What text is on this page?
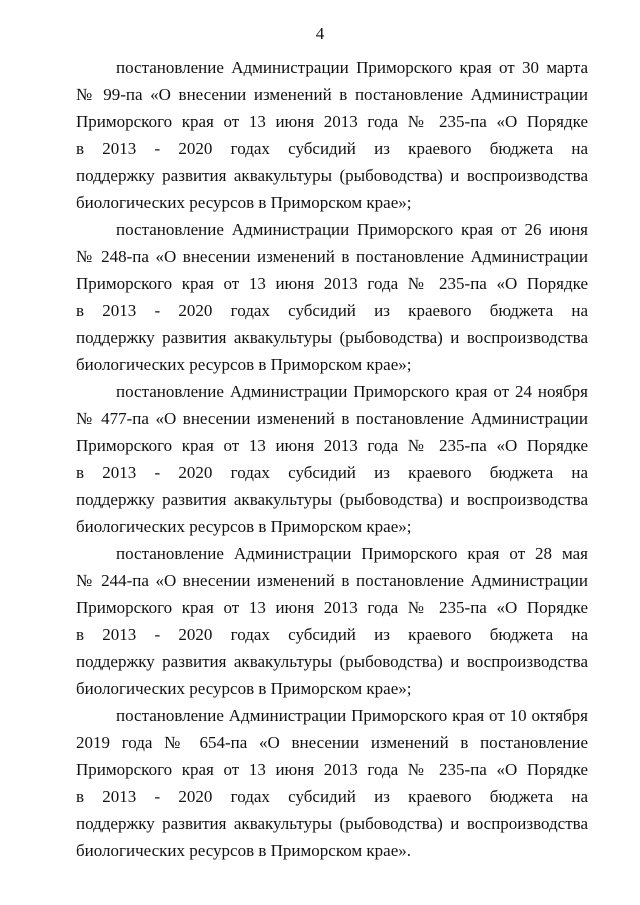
4

постановление Администрации Приморского края от 30 марта
№ 99-па «О внесении изменений в постановление Администрации
Приморского края от 13 июня 2013 года № 235-па «О Порядке
в 2013 - 2020 годах субсидий из краевого бюджета на
поддержку развития аквакультуры (рыбоводства) и воспроизводства
биологических ресурсов в Приморском крае»;

постановление Администрации Приморского края от 26 июня
№ 248-па «О внесении изменений в постановление Администрации
Приморского края от 13 июня 2013 года № 235-па «О Порядке
в 2013 - 2020 годах субсидий из краевого бюджета на
поддержку развития аквакультуры (рыбоводства) и воспроизводства
биологических ресурсов в Приморском крае»;

постановление Администрации Приморского края от 24 ноября
№ 477-па «О внесении изменений в постановление Администрации
Приморского края от 13 июня 2013 года № 235-па «О Порядке
в 2013 - 2020 годах субсидий из краевого бюджета на
поддержку развития аквакультуры (рыбоводства) и воспроизводства
биологических ресурсов в Приморском крае»;

постановление Администрации Приморского края от 28 мая
№ 244-па «О внесении изменений в постановление Администрации
Приморского края от 13 июня 2013 года № 235-па «О Порядке
в 2013 - 2020 годах субсидий из краевого бюджета на
поддержку развития аквакультуры (рыбоводства) и воспроизводства
биологических ресурсов в Приморском крае»;

постановление Администрации Приморского края от 10 октября
2019 года № 654-па «О внесении изменений в постановление
Приморского края от 13 июня 2013 года № 235-па «О Порядке
в 2013 - 2020 годах субсидий из краевого бюджета на
поддержку развития аквакультуры (рыбоводства) и воспроизводства
биологических ресурсов в Приморском крае».
